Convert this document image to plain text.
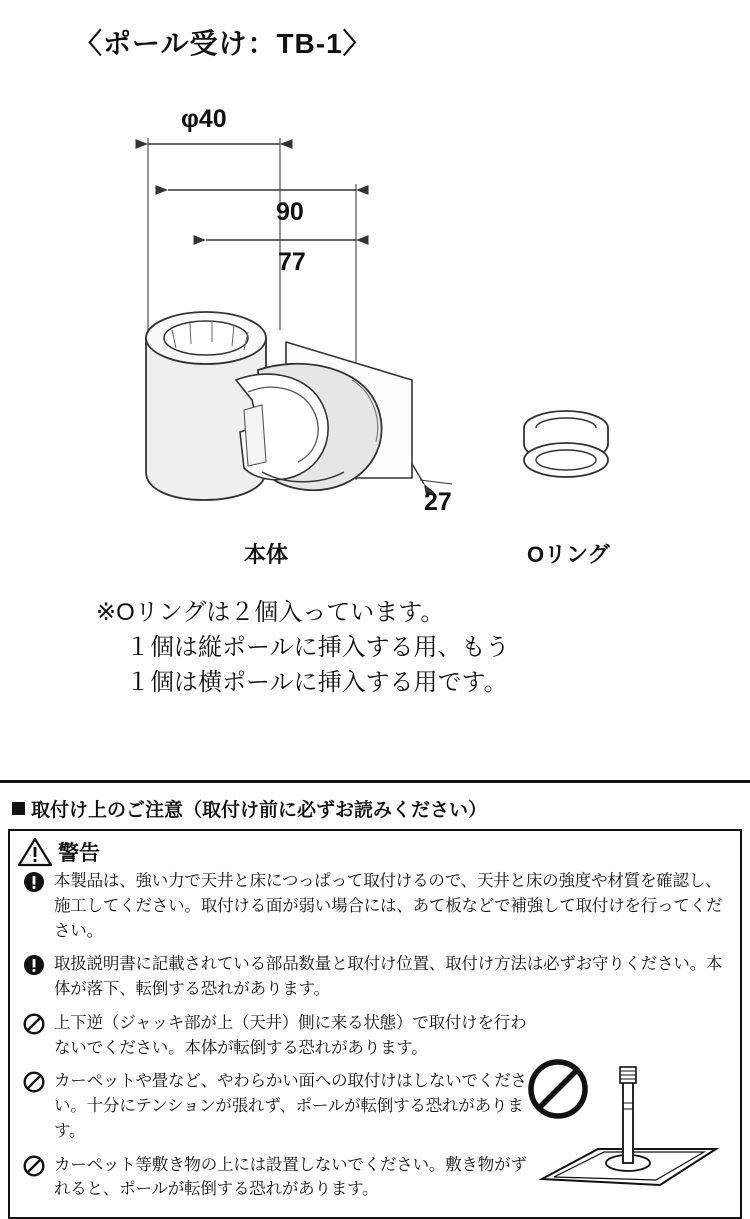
〈ポール受け：TB-1〉
φ40
90
77
27
本体	Oリング
※Oリングは２個入っています。
１個は縦ポールに挿入する用、もう
１個は横ポールに挿入する用です。
取付け上のご注意（取付け前に必ずお読みください）
警告
本製品は、強い力で天井と床につっぱって取付けるので、天井と床の強度や材質を確認し、施工してください。取付ける面が弱い場合には、あて板などで補強して取付けを行ってください。
取扱説明書に記載されている部品数量と取付け位置、取付け方法は必ずお守りください。本体が落下、転倒する恐れがあります。
上下逆（ジャッキ部が上（天井）側に来る状態）で取付けを行わないでください。本体が転倒する恐れがあります。
カーペットや畳など、やわらかい面への取付けはしないでください。十分にテンションが張れず、ポールが転倒する恐れがあります。
カーペット等敷き物の上には設置しないでください。敷き物がずれると、ポールが転倒する恐れがあります。
